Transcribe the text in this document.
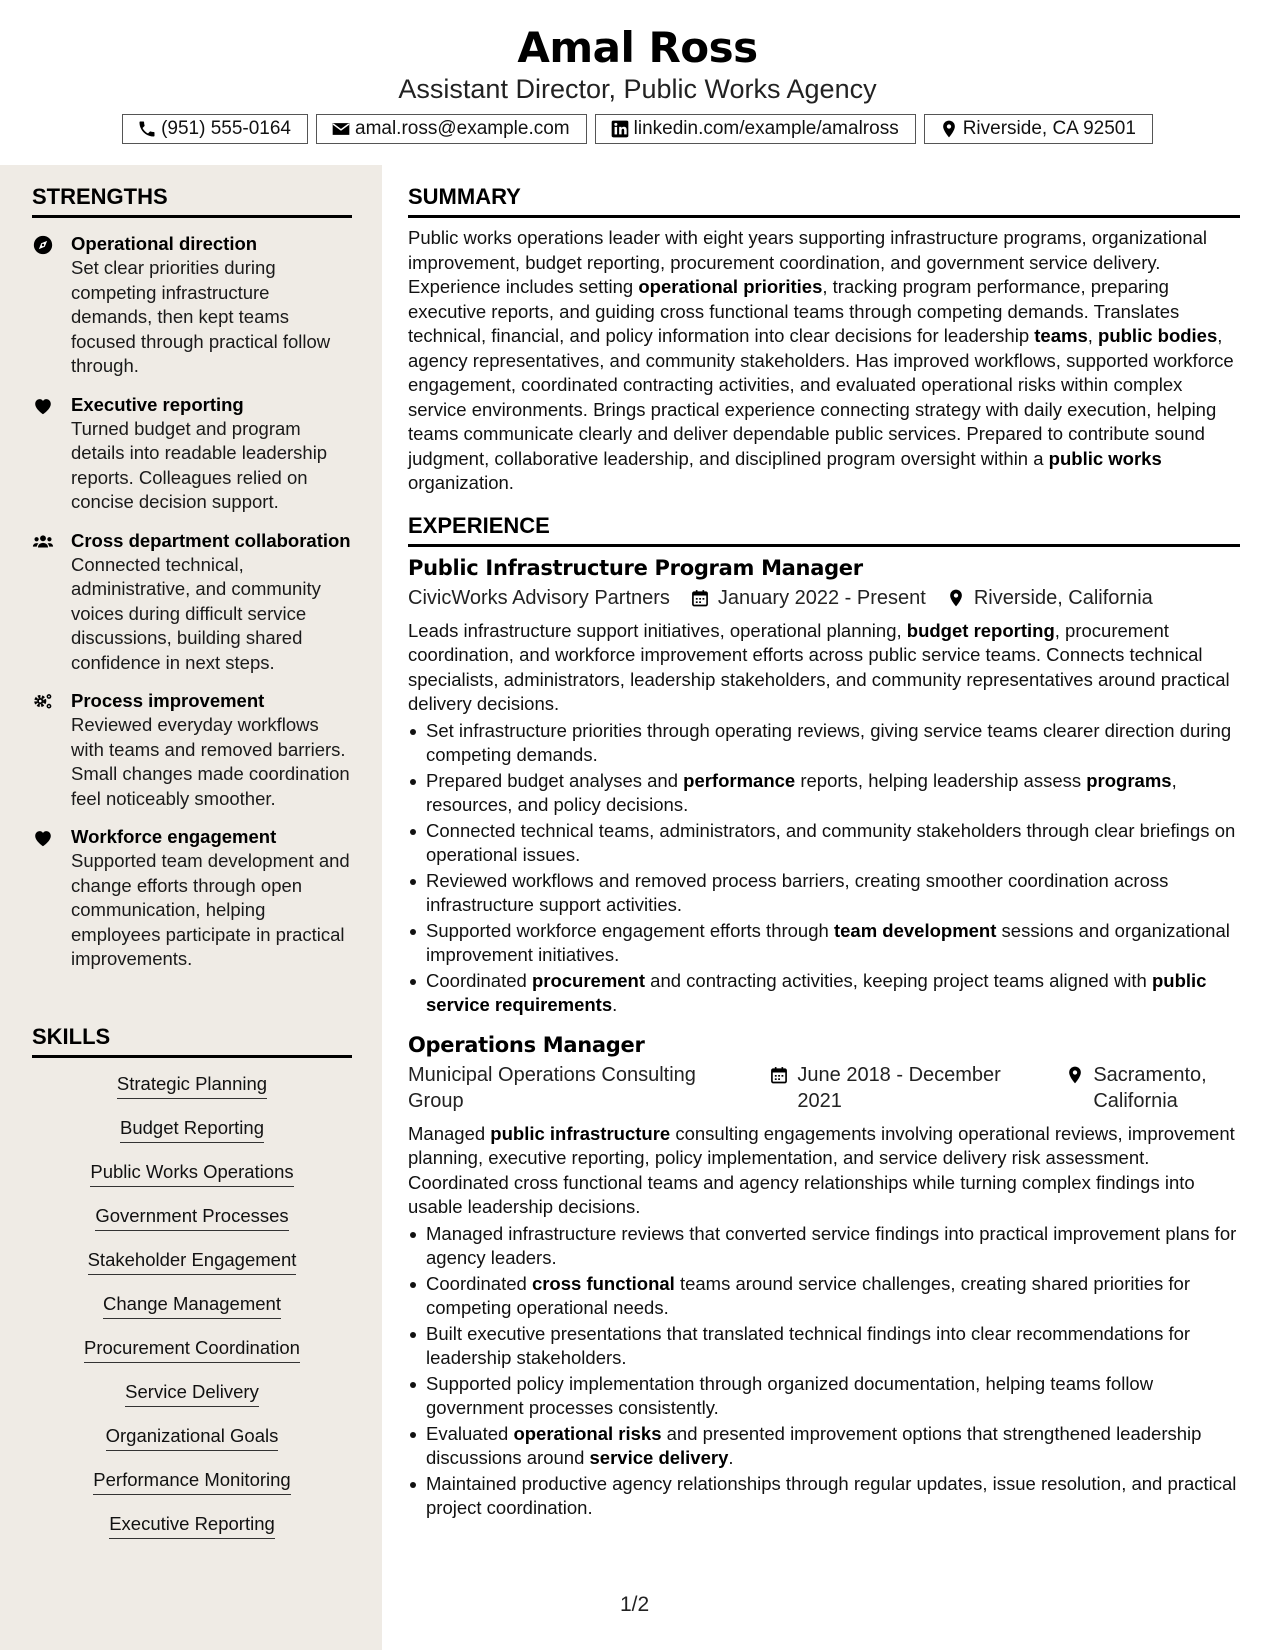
Amal Ross
Assistant Director, Public Works Agency
(951) 555-0164	amal.ross@example.com	linkedin.com/example/amalross	Riverside, CA 92501
STRENGTHS
Operational direction
Set clear priorities during competing infrastructure demands, then kept teams focused through practical follow through.
Executive reporting
Turned budget and program details into readable leadership reports. Colleagues relied on concise decision support.
Cross department collaboration
Connected technical, administrative, and community voices during difficult service discussions, building shared confidence in next steps.
Process improvement
Reviewed everyday workflows with teams and removed barriers. Small changes made coordination feel noticeably smoother.
Workforce engagement
Supported team development and change efforts through open communication, helping employees participate in practical improvements.
SKILLS
Strategic Planning
Budget Reporting
Public Works Operations
Government Processes
Stakeholder Engagement
Change Management
Procurement Coordination
Service Delivery
Organizational Goals
Performance Monitoring
Executive Reporting
SUMMARY

Public works operations leader with eight years supporting infrastructure programs, organizational improvement, budget reporting, procurement coordination, and government service delivery. Experience includes setting operational priorities, tracking program performance, preparing executive reports, and guiding cross functional teams through competing demands. Translates technical, financial, and policy information into clear decisions for leadership teams, public bodies, agency representatives, and community stakeholders. Has improved workflows, supported workforce engagement, coordinated contracting activities, and evaluated operational risks within complex service environments. Brings practical experience connecting strategy with daily execution, helping teams communicate clearly and deliver dependable public services. Prepared to contribute sound judgment, collaborative leadership, and disciplined program oversight within a public works organization.

EXPERIENCE
Public Infrastructure Program Manager
CivicWorks Advisory Partners January 2022 - Present Riverside, California

Leads infrastructure support initiatives, operational planning, budget reporting, procurement coordination, and workforce improvement efforts across public service teams. Connects technical specialists, administrators, leadership stakeholders, and community representatives around practical delivery decisions.

Set infrastructure priorities through operating reviews, giving service teams clearer direction during competing demands.
Prepared budget analyses and performance reports, helping leadership assess programs, resources, and policy decisions.
Connected technical teams, administrators, and community stakeholders through clear briefings on operational issues.
Reviewed workflows and removed process barriers, creating smoother coordination across infrastructure support activities.
Supported workforce engagement efforts through team development sessions and organizational improvement initiatives.
Coordinated procurement and contracting activities, keeping project teams aligned with public service requirements.
Operations Manager
Municipal Operations Consulting Group
June 2018 - December 2021
Sacramento, California

Managed public infrastructure consulting engagements involving operational reviews, improvement planning, executive reporting, policy implementation, and service delivery risk assessment. Coordinated cross functional teams and agency relationships while turning complex findings into usable leadership decisions.

Managed infrastructure reviews that converted service findings into practical improvement plans for agency leaders.
Coordinated cross functional teams around service challenges, creating shared priorities for competing operational needs.
Built executive presentations that translated technical findings into clear recommendations for leadership stakeholders.
Supported policy implementation through organized documentation, helping teams follow government processes consistently.
Evaluated operational risks and presented improvement options that strengthened leadership discussions around service delivery.
Maintained productive agency relationships through regular updates, issue resolution, and practical project coordination.
1/2
